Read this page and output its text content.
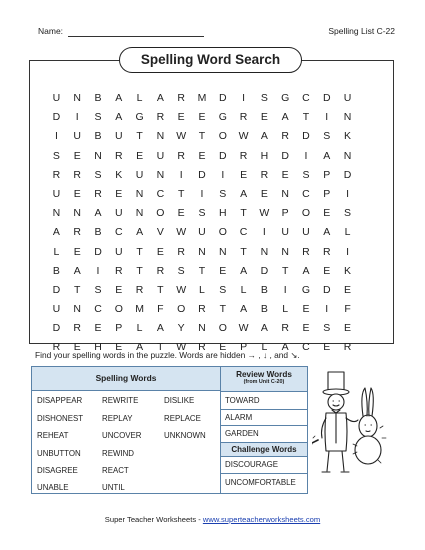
Name:	Spelling List C-22
Spelling Word Search
U	N	B	A	L	A	R	M	D	I	S	G	C	D	U
D	I	S	A	G	R	E	E	G	R	E	A	T	I	N
I	U	B	U	T	N	W	T	O	W	A	R	D	S	K
S	E	N	R	E	U	R	E	D	R	H	D	I	A	N
R	R	S	K	U	N	I	D	I	E	R	E	S	P	D
U	E	R	E	N	C	T	I	S	A	E	N	C	P	I
N	N	A	U	N	O	E	S	H	T	W	P	O	E	S
A	R	B	C	A	V	W	U	O	C	I	U	U	A	L
L	E	D	U	T	E	R	N	N	T	N	N	R	R	I
B	A	I	R	T	R	S	T	E	A	D	T	A	E	K
D	T	S	E	R	T	W	L	S	L	B	I	G	D	E
U	N	C	O	M	F	O	R	T	A	B	L	E	I	F
D	R	E	P	L	A	Y	N	O	W	A	R	E	S	E
R	E	H	E	A	T	W	R	E	P	L	A	C	E	R
Find your spelling words in the puzzle. Words are hidden → , ↓ , and ↘.
Spelling Words	Review Words
(from Unit C-20)
DISAPPEAR
DISHONEST
REHEAT
UNBUTTON
DISAGREE
UNABLE
REWRITE
REPLAY
UNCOVER
REWIND
REACT
UNTIL
DISLIKE
REPLACE
UNKNOWN
TOWARD
ALARM
GARDEN
Challenge Words
DISCOURAGE
UNCOMFORTABLE
Super Teacher Worksheets - www.superteacherworksheets.com
